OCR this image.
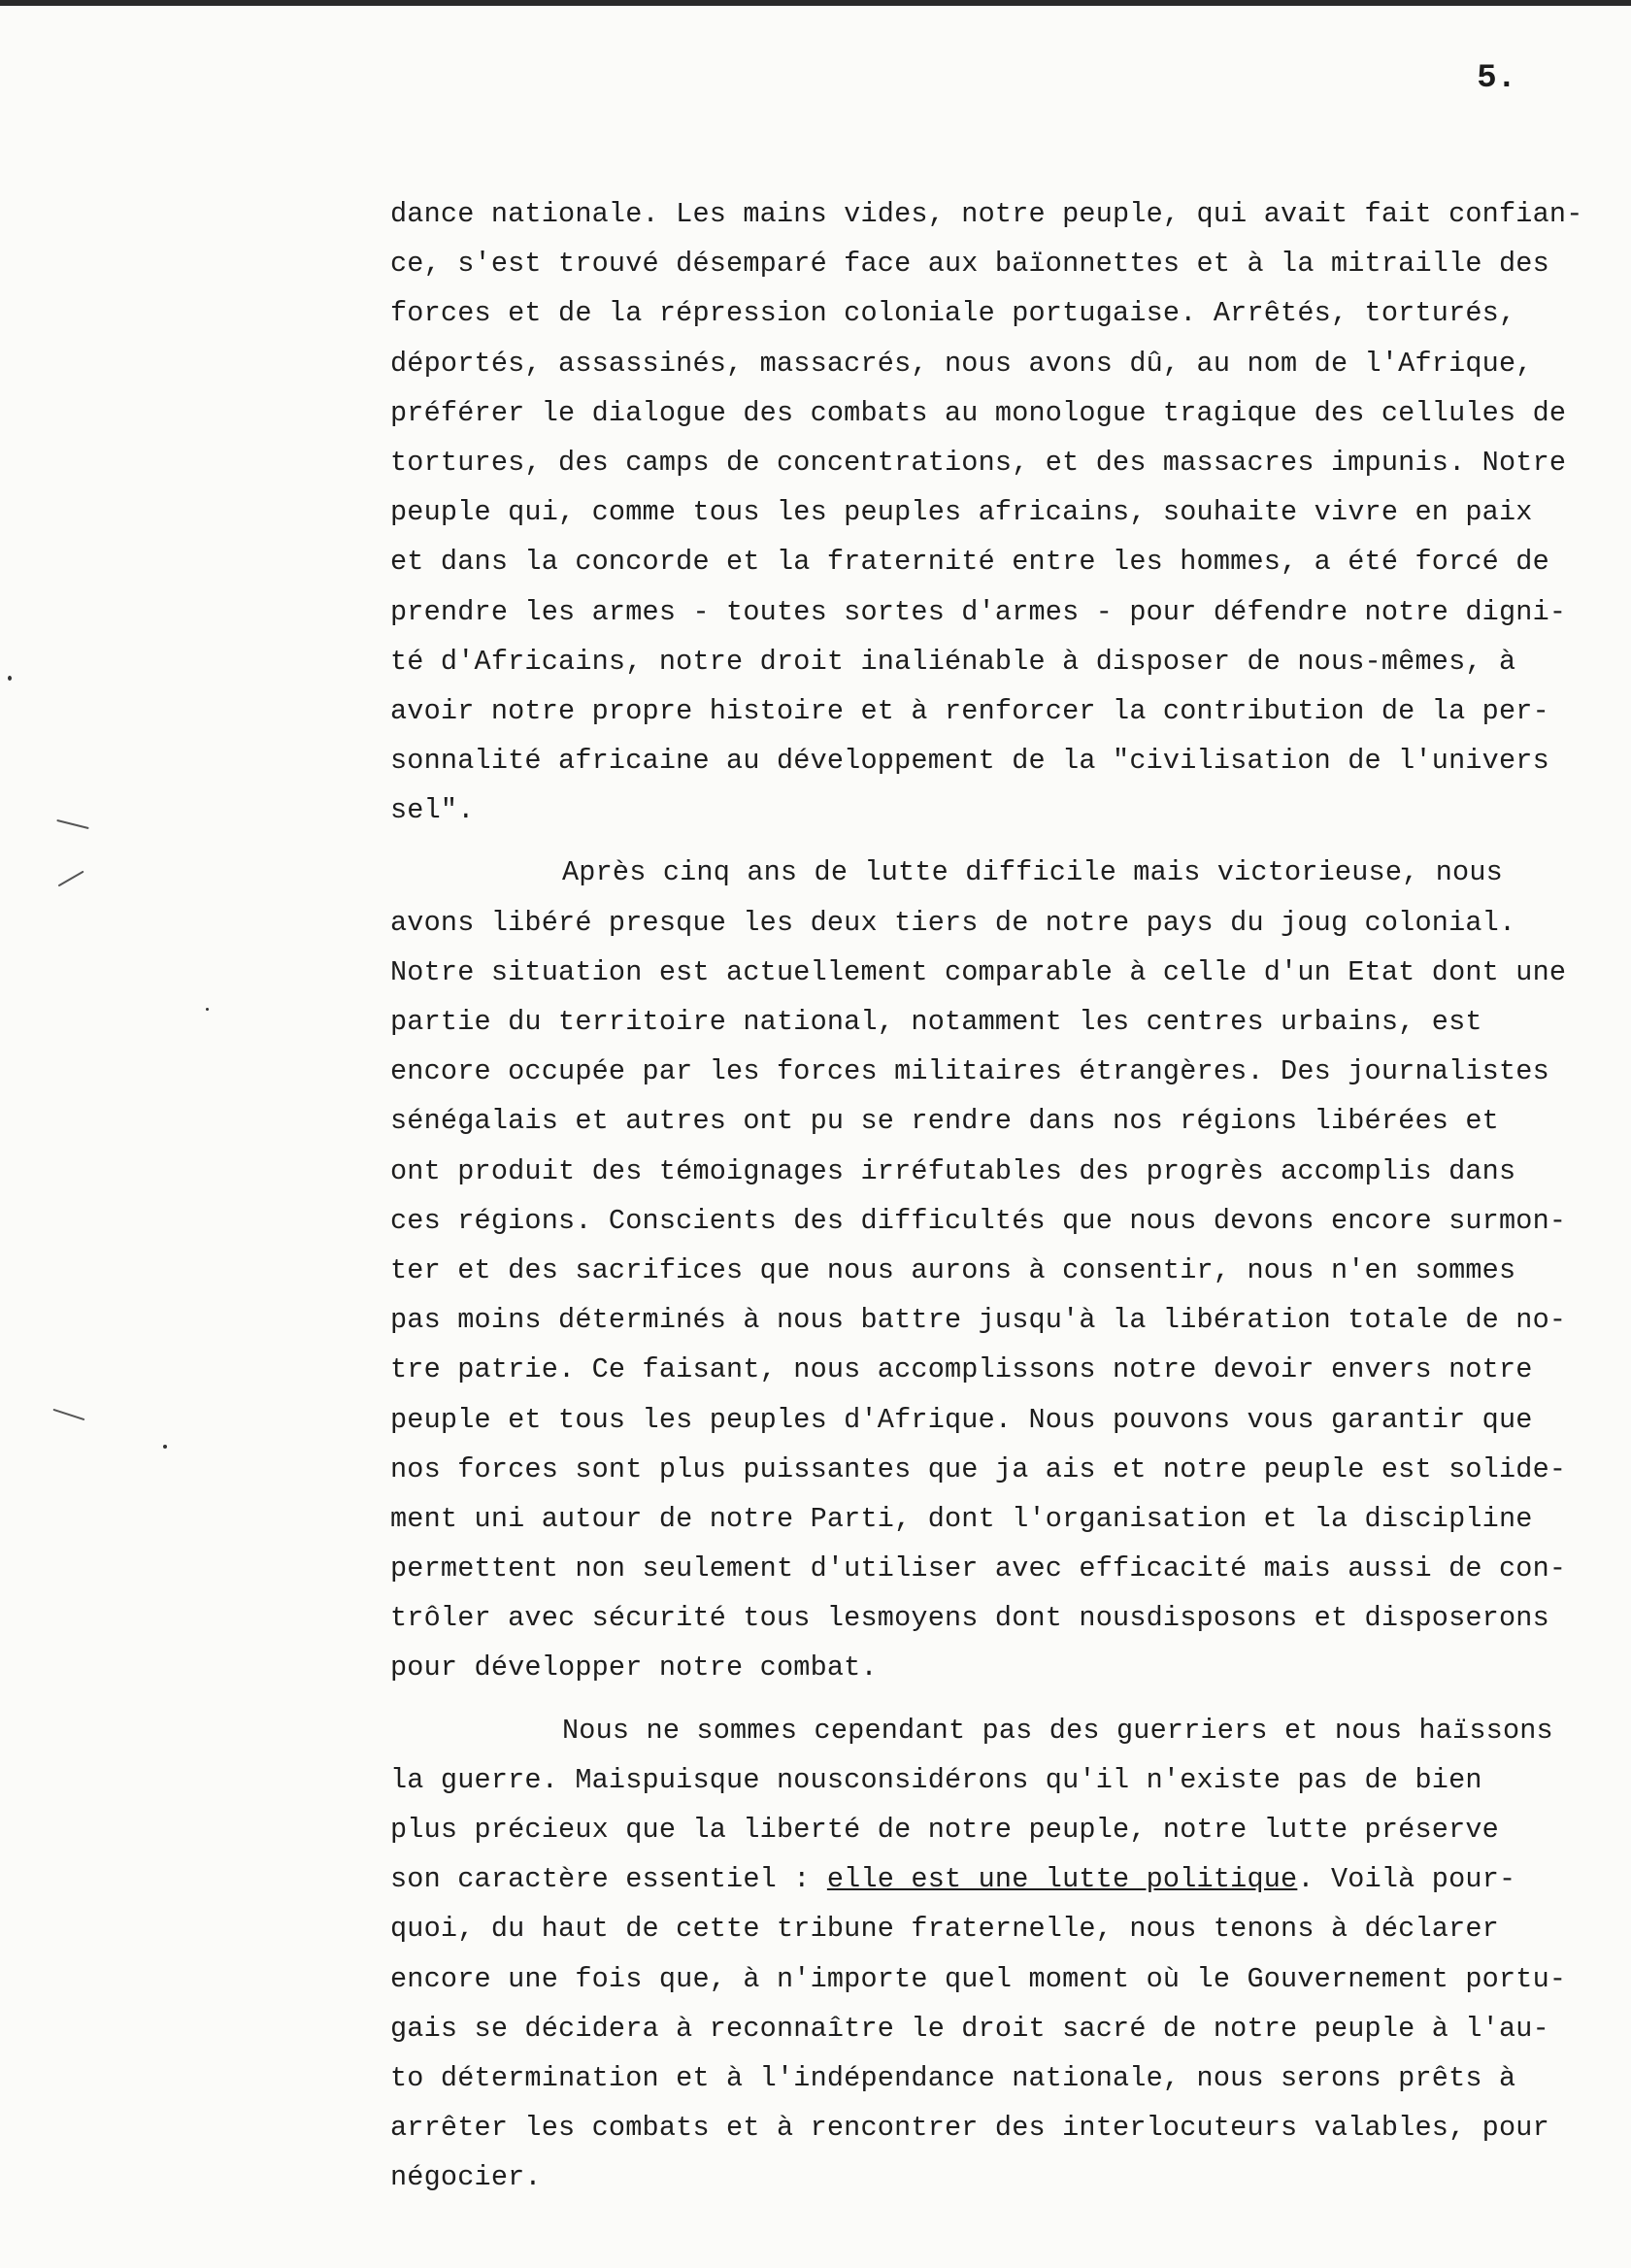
5.
dance nationale. Les mains vides, notre peuple, qui avait fait confian-
ce, s'est trouvé désemparé face aux baïonnettes et à la mitraille des
forces et de la répression coloniale portugaise. Arrêtés, torturés,
déportés, assassinés, massacrés, nous avons dû, au nom de l'Afrique,
préférer le dialogue des combats au monologue tragique des cellules de
tortures, des camps de concentrations, et des massacres impunis. Notre
peuple qui, comme tous les peuples africains, souhaite vivre en paix
et dans la concorde et la fraternité entre les hommes, a été forcé de
prendre les armes - toutes sortes d'armes - pour défendre notre digni-
té d'Africains, notre droit inaliénable à disposer de nous-mêmes, à
avoir notre propre histoire et à renforcer la contribution de la per-
sonnalité africaine au développement de la "civilisation de l'univers
sel".
Après cinq ans de lutte difficile mais victorieuse, nous
avons libéré presque les deux tiers de notre pays du joug colonial.
Notre situation est actuellement comparable à celle d'un Etat dont une
partie du territoire national, notamment les centres urbains, est
encore occupée par les forces militaires étrangères. Des journalistes
sénégalais et autres ont pu se rendre dans nos régions libérées et
ont produit des témoignages irréfutables des progrès accomplis dans
ces régions. Conscients des difficultés que nous devons encore surmon-
ter et des sacrifices que nous aurons à consentir, nous n'en sommes
pas moins déterminés à nous battre jusqu'à la libération totale de no-
tre patrie. Ce faisant, nous accomplissons notre devoir envers notre
peuple et tous les peuples d'Afrique. Nous pouvons vous garantir que
nos forces sont plus puissantes que ja ais et notre peuple est solide-
ment uni autour de notre Parti, dont l'organisation et la discipline
permettent non seulement d'utiliser avec efficacité mais aussi de con-
trôler avec sécurité tous lesmoyens dont nousdisposons et disposerons
pour développer notre combat.
Nous ne sommes cependant pas des guerriers et nous haïssons
la guerre. Maispuisque nousconsidérons qu'il n'existe pas de bien
plus précieux que la liberté de notre peuple, notre lutte préserve
son caractère essentiel : elle est une lutte politique. Voilà pour-
quoi, du haut de cette tribune fraternelle, nous tenons à déclarer
encore une fois que, à n'importe quel moment où le Gouvernement portu-
gais se décidera à reconnaître le droit sacré de notre peuple à l'au-
to détermination et à l'indépendance nationale, nous serons prêts à
arrêter les combats et à rencontrer des interlocuteurs valables, pour
négocier.
